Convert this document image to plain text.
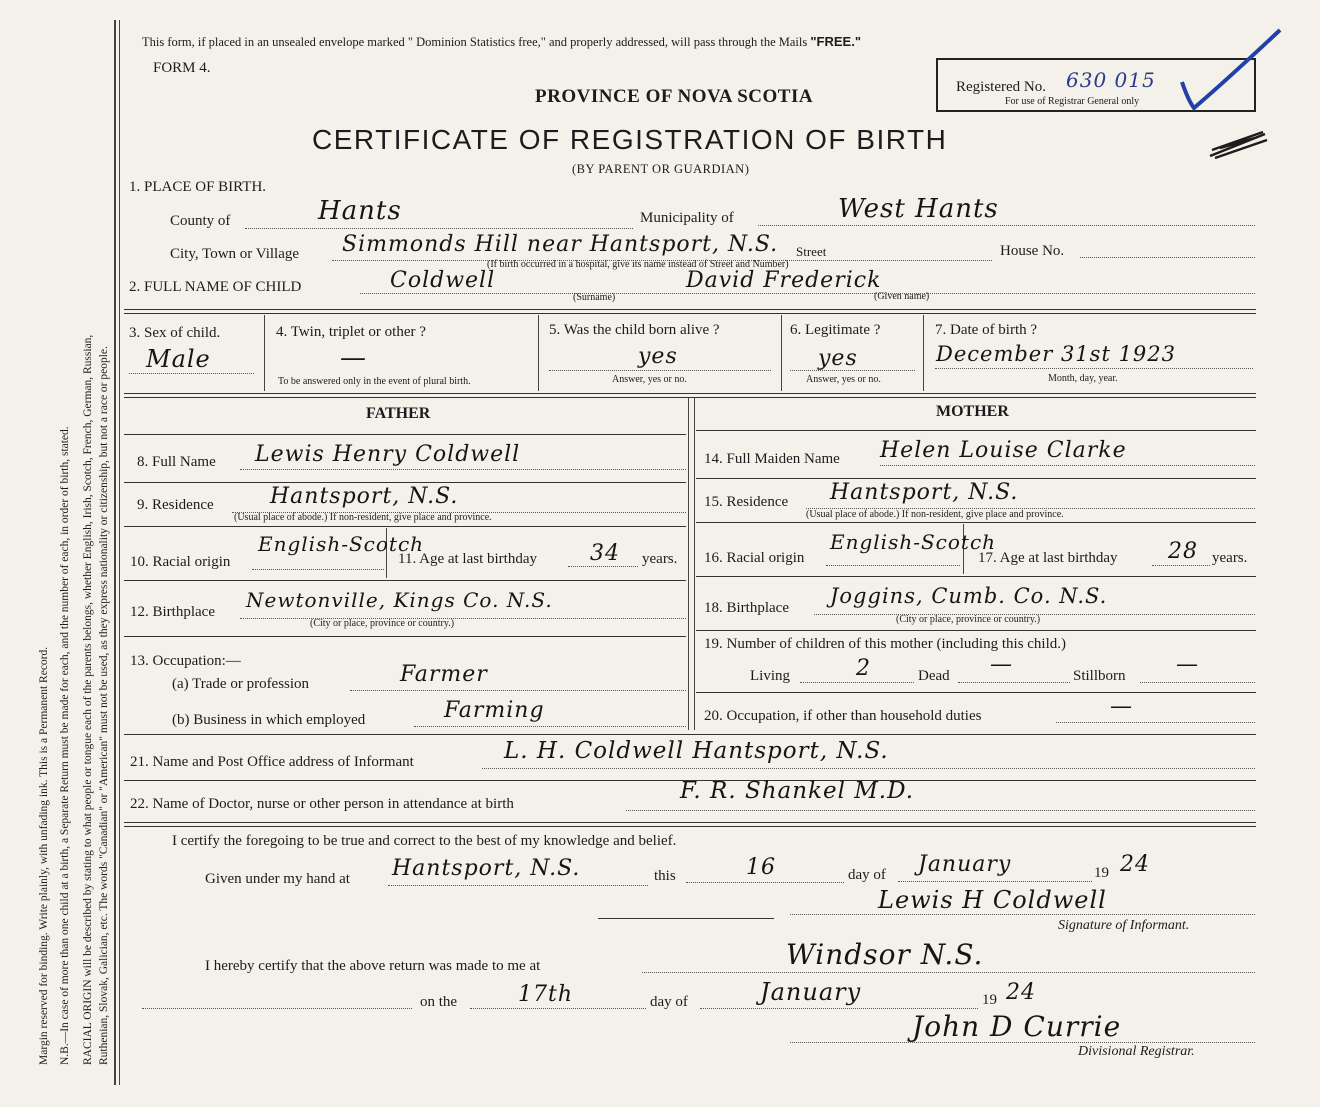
Margin reserved for binding. Write plainly, with unfading ink. This is a Permanent Record. N.B.—In case of more than one child at a birth, a Separate Return must be made for each, and the number of each, in order of birth, stated. RACIAL ORIGIN will be described by stating to what people or tongue each of the parents belongs, whether English, Irish, Scotch, French, German, Russian, Ruthenian, Slovak, Galician, etc. The words "Canadian" or "American" must not be used, as they express nationality or citizenship, but not a race or people.
This form, if placed in an unsealed envelope marked " Dominion Statistics free," and properly addressed, will pass through the Mails "FREE."
FORM 4.
PROVINCE OF NOVA SCOTIA	Registered No. 630 015
For use of Registrar General only
CERTIFICATE OF REGISTRATION OF BIRTH
(BY PARENT OR GUARDIAN)
1. PLACE OF BIRTH.
County of	Hants	Municipality of	West Hants
City, Town or Village Simmonds Hill near Hantsport, N.S. Street	House No.
(If birth occurred in a hospital, give its name instead of Street and Number)
2. FULL NAME OF CHILD	Coldwell	David Frederick
(Surname)	(Given name)
3. Sex of child.
Male
4. Twin, triplet or other ?
—
To be answered only in the event of plural birth.
5. Was the child born alive ?
yes
Answer, yes or no.
6. Legitimate ?
yes
Answer, yes or no.
7. Date of birth ?
December 31st 1923
Month, day, year.
FATHER
8. Full Name Lewis Henry Coldwell
9. Residence	Hantsport, N.S.
(Usual place of abode.) If non-resident, give place and province.
10. Racial origin
English-Scotch
11. Age at last birthday 34 years.
12. Birthplace Newtonville, Kings Co. N.S.
(City or place, province or country.)
13. Occupation:—
(a) Trade or profession	Farmer
(b) Business in which employed	Farming
MOTHER
14. Full Maiden Name Helen Louise Clarke
15. Residence Hantsport, N.S.
(Usual place of abode.) If non-resident, give place and province.
16. Racial origin
English-Scotch
17. Age at last birthday 28 years.
18. Birthplace Joggins, Cumb. Co. N.S.
(City or place, province or country.)
19. Number of children of this mother (including this child.)
Living	2	Dead —	Stillborn —
20. Occupation, if other than household duties	—
21. Name and Post Office address of Informant	L. H. Coldwell Hantsport, N.S.
22. Name of Doctor, nurse or other person in attendance at birth	F. R. Shankel M.D.
I certify the foregoing to be true and correct to the best of my knowledge and belief.
Given under my hand at Hantsport, N.S.	this	16	day of January	19 24
Lewis H Coldwell
Signature of Informant.
I hereby certify that the above return was made to me at	Windsor N.S.
on the	17th	day of	January	19 24
John D Currie
Divisional Registrar.
